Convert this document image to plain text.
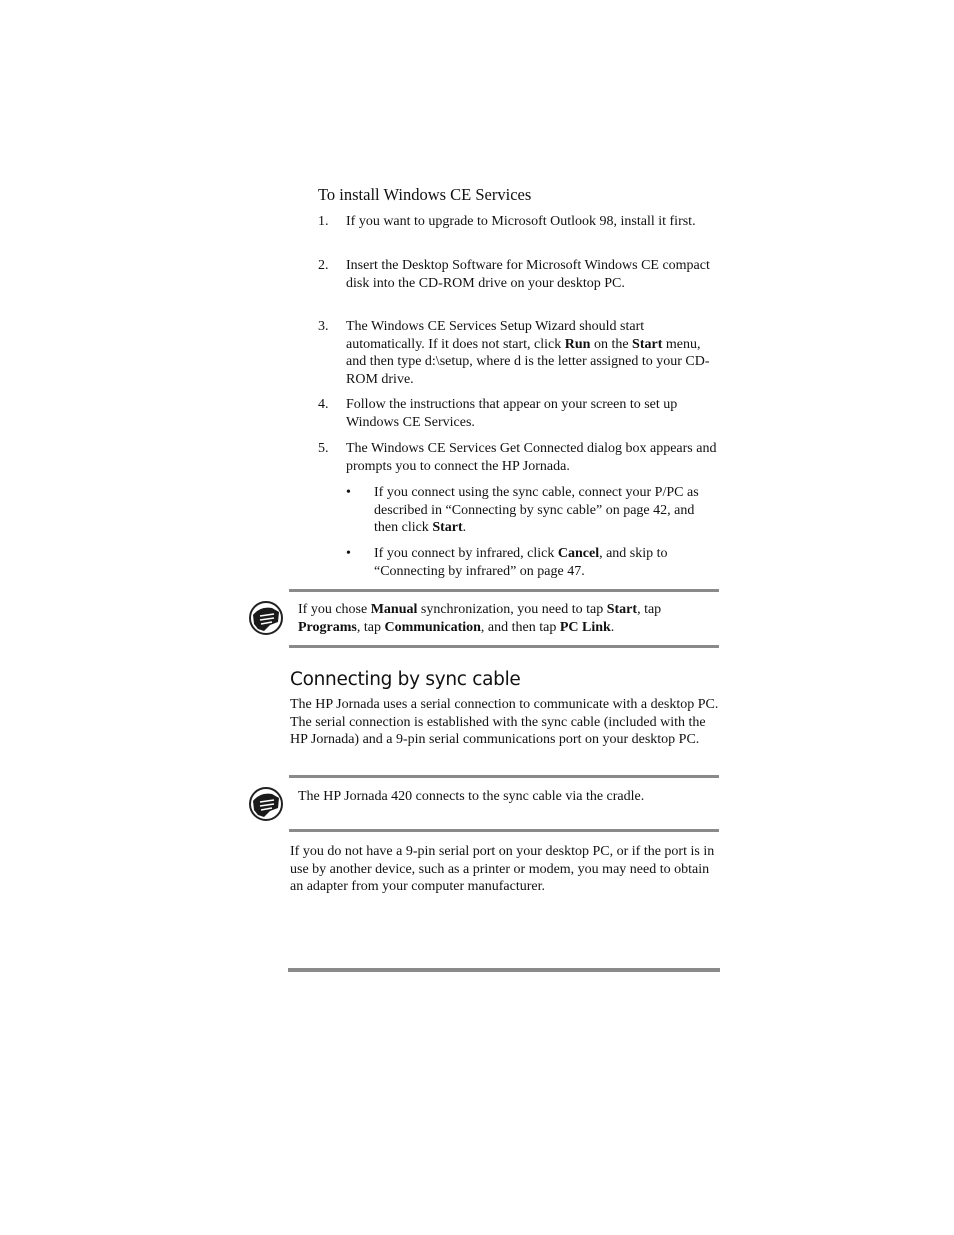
To install Windows CE Services
1. If you want to upgrade to Microsoft Outlook 98, install it first.
2. Insert the Desktop Software for Microsoft Windows CE compact disk into the CD-ROM drive on your desktop PC.
3. The Windows CE Services Setup Wizard should start automatically. If it does not start, click Run on the Start menu, and then type d:\setup, where d is the letter assigned to your CD-ROM drive.
4. Follow the instructions that appear on your screen to set up Windows CE Services.
5. The Windows CE Services Get Connected dialog box appears and prompts you to connect the HP Jornada.
• If you connect using the sync cable, connect your P/PC as described in “Connecting by sync cable” on page 42, and then click Start.
• If you connect by infrared, click Cancel, and skip to “Connecting by infrared” on page 47.
If you chose Manual synchronization, you need to tap Start, tap Programs, tap Communication, and then tap PC Link.
Connecting by sync cable
The HP Jornada uses a serial connection to communicate with a desktop PC. The serial connection is established with the sync cable (included with the HP Jornada) and a 9-pin serial communications port on your desktop PC.
The HP Jornada 420 connects to the sync cable via the cradle.
If you do not have a 9-pin serial port on your desktop PC, or if the port is in use by another device, such as a printer or modem, you may need to obtain an adapter from your computer manufacturer.
